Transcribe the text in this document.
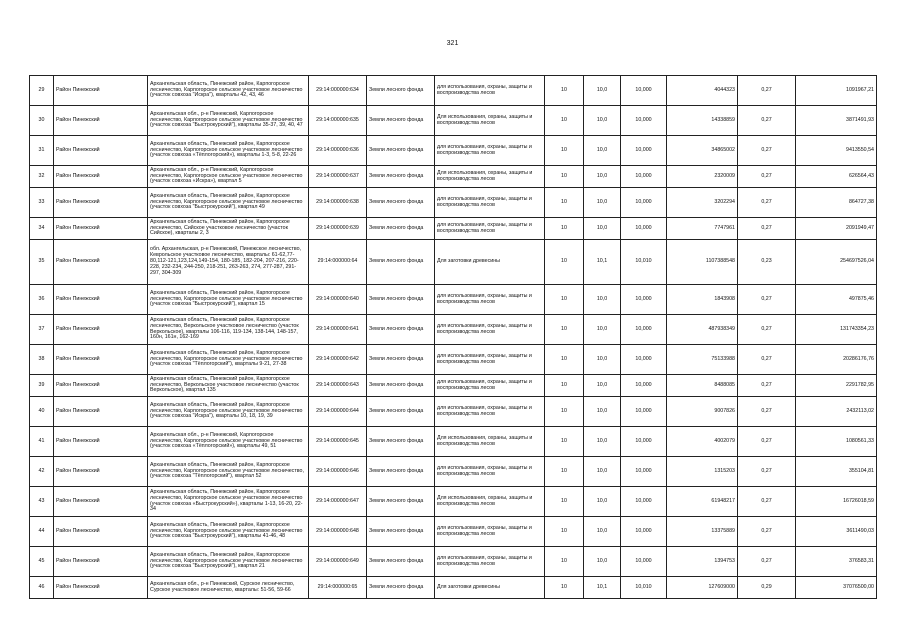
321
29	Район Пинежский	Архангельская область, Пинежский район, Карпогорское лесничество, Карпогорское сельское участковое лесничество (участок совхоза "Искра"), кварталы 42, 43, 46	29:14:000000:634	Земли лесного фонда	для использования, охраны, защиты и воспроизводства лесов	10	10,0	10,000	4044323	0,27	1091967,21
30	Район Пинежский	Архангельская обл., р-н Пинежский, Карпогорское лесничество, Карпогорское сельское участковое лесничество (участок совхоза "Быстрокурский"), кварталы 35-37, 39, 40, 47	29:14:000000:635	Земли лесного фонда	Для использования, охраны, защиты и воспроизводства лесов	10	10,0	10,000	14338859	0,27	3871491,93
31	Район Пинежский	Архангельская область, Пинежский район, Карпогорское лесничество, Карпогорское сельское участковое лесничество (участок совхоза «Тёплогорский»), кварталы 1-3, 5-8, 22-26	29:14:000000:636	Земли лесного фонда	для использования, охраны, защиты и воспроизводства лесов	10	10,0	10,000	34865002	0,27	9413550,54
32	Район Пинежский	Архангельская обл., р-н Пинежский, Карпогорское лесничество, Карпогорское сельское участковое лесничество (участок совхоза «Искра»), квартал 5	29:14:000000:637	Земли лесного фонда	Для использования, охраны, защиты и воспроизводства лесов	10	10,0	10,000	2320009	0,27	626564,43
33	Район Пинежский	Архангельская область, Пинежский район, Карпогорское лесничество, Карпогорское сельское участковое лесничество (участок совхоза "Быстрокурский"), квартал 49	29:14:000000:638	Земли лесного фонда	для использования, охраны, защиты и воспроизводства лесов	10	10,0	10,000	3202294	0,27	864727,38
34	Район Пинежский	Архангельская область, Пинежский район, Карпогорское лесничество, Сийское участковое лесничество (участок Сийское), кварталы 2, 3	29:14:000000:639	Земли лесного фонда	для использования, охраны, защиты и воспроизводства лесов	10	10,0	10,000	7747961	0,27	2091949,47
35	Район Пинежский	обл. Архангельская, р-н Пинежский, Пинежское лесничество, Кеврольское участковое лесничество, кварталы: 61-62,77-80,112-121,123,124,149-154, 180-185, 182-204, 207-216, 220-228, 232-234, 244-250, 218-251, 263-263, 274, 277-287, 291-297, 304-309	29:14:000000:64	Земли лесного фонда	Для заготовки древесины	10	10,1	10,010	1107388548	0,23	254697526,04
36	Район Пинежский	Архангельская область, Пинежский район, Карпогорское лесничество, Карпогорское сельское участковое лесничество (участок совхоза "Быстрокурский"), квартал 15	29:14:000000:640	Земли лесного фонда	для использования, охраны, защиты и воспроизводства лесов	10	10,0	10,000	1843908	0,27	497875,46
37	Район Пинежский	Архангельская область, Пинежский район, Карпогорское лесничество, Веркольское участковое лесничество (участок Веркольское), кварталы 106-116, 119-134, 138-144, 148-157, 160н, 161н, 162-169	29:14:000000:641	Земли лесного фонда	для использования, охраны, защиты и воспроизводства лесов	10	10,0	10,000	487938349	0,27	131743354,23
38	Район Пинежский	Архангельская область, Пинежский район, Карпогорское лесничество, Карпогорское сельское участковое лесничество (участок совхоза "Тёплогорский"), кварталы 9-21, 27-38	29:14:000000:642	Земли лесного фонда	для использования, охраны, защиты и воспроизводства лесов	10	10,0	10,000	75133988	0,27	20286176,76
39	Район Пинежский	Архангельская область, Пинежский район, Карпогорское лесничество, Веркольское участковое лесничество (участок Веркольское), квартал 135	29:14:000000:643	Земли лесного фонда	для использования, охраны, защиты и воспроизводства лесов	10	10,0	10,000	8488085	0,27	2291782,95
40	Район Пинежский	Архангельская область, Пинежский район, Карпогорское лесничество, Карпогорское сельское участковое лесничество (участок совхоза "Искра"), кварталы 10, 18, 19, 39	29:14:000000:644	Земли лесного фонда	для использования, охраны, защиты и воспроизводства лесов	10	10,0	10,000	9007826	0,27	2432113,02
41	Район Пинежский	Архангельская обл., р-н Пинежский, Карпогорское лесничество, Карпогорское сельское участковое лесничество (участок совхоза «Тёплогорский»), кварталы 49, 51	29:14:000000:645	Земли лесного фонда	Для использования, охраны, защиты и воспроизводства лесов	10	10,0	10,000	4002079	0,27	1080561,33
42	Район Пинежский	Архангельская область, Пинежский район, Карпогорское лесничество, Карпогорское сельское участковое лесничество, (участок совхоза "Тёплогорский"), квартал 52	29:14:000000:646	Земли лесного фонда	для использования, охраны, защиты и воспроизводства лесов	10	10,0	10,000	1315203	0,27	355104,81
43	Район Пинежский	Архангельская область, Пинежский район, Карпогорское лесничество, Карпогорское сельское участковое лесничество (участок совхоза «Быстрокурский»), кварталы 1-13, 16-20, 22-34	29:14:000000:647	Земли лесного фонда	Для использования, охраны, защиты и воспроизводства лесов	10	10,0	10,000	61948217	0,27	16726018,59
44	Район Пинежский	Архангельская область, Пинежский район, Карпогорское лесничество, Карпогорское сельское участковое лесничество (участок совхоза "Быстрокурский"), кварталы 41-46, 48	29:14:000000:648	Земли лесного фонда	для использования, охраны, защиты и воспроизводства лесов	10	10,0	10,000	13375889	0,27	3611490,03
45	Район Пинежский	Архангельская область, Пинежский район, Карпогорское лесничество, Карпогорское сельское участковое лесничество (участок совхоза "Быстрокурский"), квартал 21	29:14:000000:649	Земли лесного фонда	для использования, охраны, защиты и воспроизводства лесов	10	10,0	10,000	1394753	0,27	376583,31
46	Район Пинежский	Архангельская обл., р-н Пинежский, Сурское лесничество, Сурское участковое лесничество, кварталы: 51-56, 59-66	29:14:000000:65	Земли лесного фонда	Для заготовки древесины	10	10,1	10,010	127609000	0,29	37076500,00
